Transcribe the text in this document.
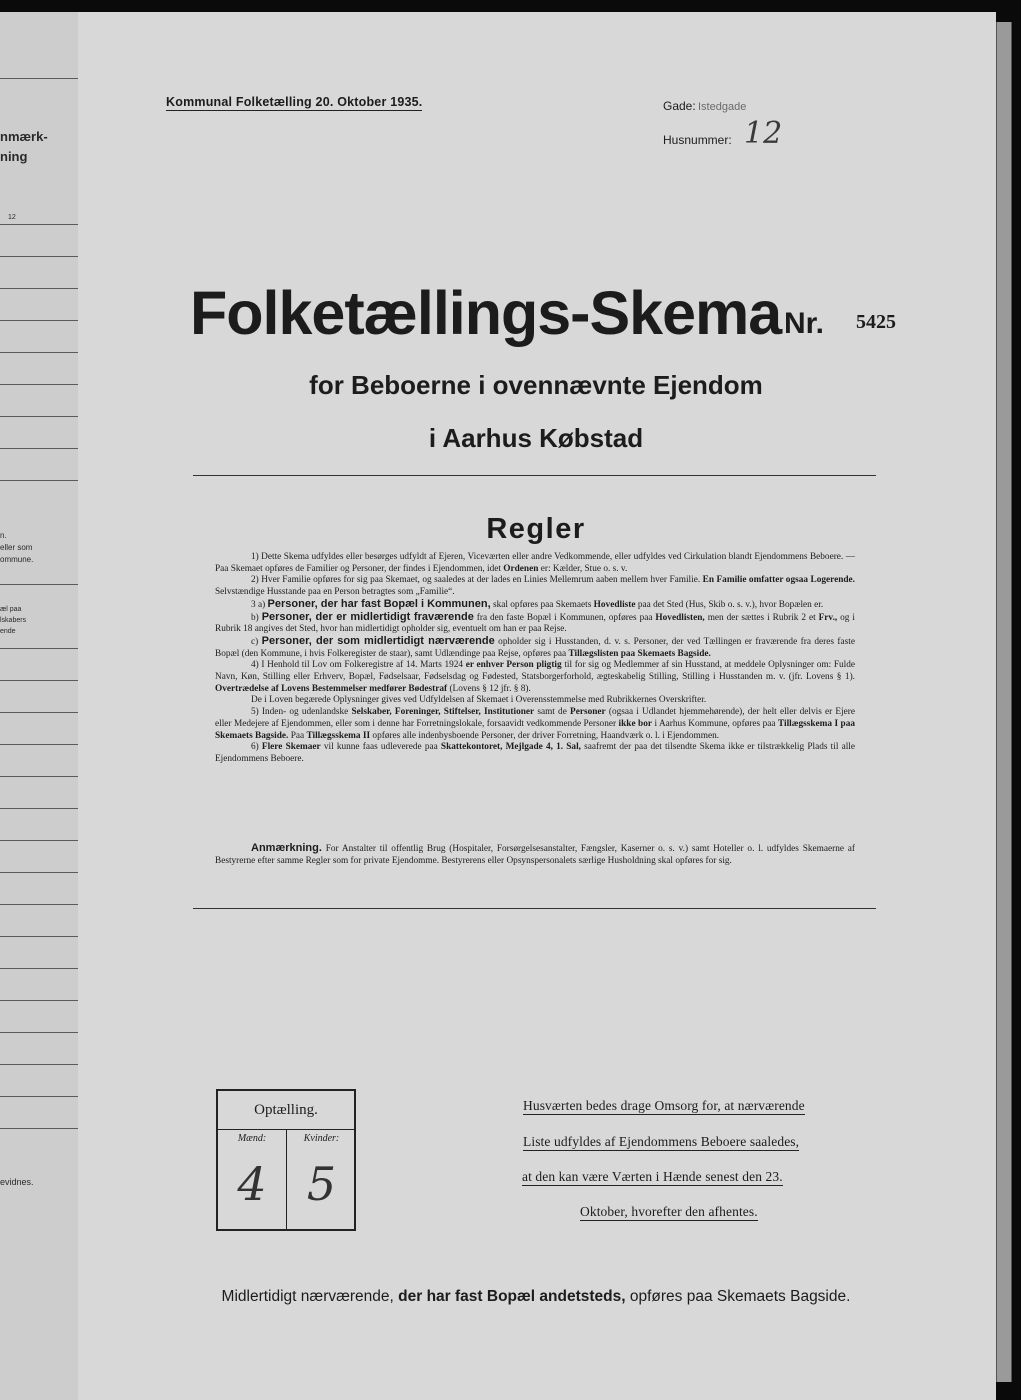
nmærk-
ning
12
n.
eller som
ommune.
æl paa
lskabers
ende
evidnes.
Kommunal Folketælling 20. Oktober 1935.	Gade: Istedgade
Husnummer: 12
Folketællings-Skema Nr. 5425
for Beboerne i ovennævnte Ejendom
i Aarhus Købstad
Regler

1) Dette Skema udfyldes eller besørges udfyldt af Ejeren, Viceværten eller andre Vedkommende, eller udfyldes ved Cirkulation blandt Ejendommens Beboere. — Paa Skemaet opføres de Familier og Personer, der findes i Ejendommen, idet Ordenen er: Kælder, Stue o. s. v.

2) Hver Familie opføres for sig paa Skemaet, og saaledes at der lades en Linies Mellemrum aaben mellem hver Familie. En Familie omfatter ogsaa Logerende. Selvstændige Husstande paa en Person betragtes som „Familie“.

3 a) Personer, der har fast Bopæl i Kommunen, skal opføres paa Skemaets Hovedliste paa det Sted (Hus, Skib o. s. v.), hvor Bopælen er.

b) Personer, der er midlertidigt fraværende fra den faste Bopæl i Kommunen, opføres paa Hovedlisten, men der sættes i Rubrik 2 et Frv., og i Rubrik 18 angives det Sted, hvor han midlertidigt opholder sig, eventuelt om han er paa Rejse.

c) Personer, der som midlertidigt nærværende opholder sig i Husstanden, d. v. s. Personer, der ved Tællingen er fraværende fra deres faste Bopæl (den Kommune, i hvis Folkeregister de staar), samt Udlændinge paa Rejse, opføres paa Tillægslisten paa Skemaets Bagside.

4) I Henhold til Lov om Folkeregistre af 14. Marts 1924 er enhver Person pligtig til for sig og Medlemmer af sin Husstand, at meddele Oplysninger om: Fulde Navn, Køn, Stilling eller Erhverv, Bopæl, Fødselsaar, Fødselsdag og Fødested, Statsborgerforhold, ægteskabelig Stilling, Stilling i Husstanden m. v. (jfr. Lovens § 1). Overtrædelse af Lovens Bestemmelser medfører Bødestraf (Lovens § 12 jfr. § 8).

De i Loven begærede Oplysninger gives ved Udfyldelsen af Skemaet i Overensstemmelse med Rubrikkernes Overskrifter.

5) Inden- og udenlandske Selskaber, Foreninger, Stiftelser, Institutioner samt de Personer (ogsaa i Udlandet hjemmehørende), der helt eller delvis er Ejere eller Medejere af Ejendommen, eller som i denne har Forretningslokale, forsaavidt vedkommende Personer ikke bor i Aarhus Kommune, opføres paa Tillægsskema I paa Skemaets Bagside. Paa Tillægsskema II opføres alle indenbysboende Personer, der driver Forretning, Haandværk o. l. i Ejendommen.

6) Flere Skemaer vil kunne faas udleverede paa Skattekontoret, Mejlgade 4, 1. Sal, saafremt der paa det tilsendte Skema ikke er tilstrækkelig Plads til alle Ejendommens Beboere.

Anmærkning. For Anstalter til offentlig Brug (Hospitaler, Forsørgelsesanstalter, Fængsler, Kaserner o. s. v.) samt Hoteller o. l. udfyldes Skemaerne af Bestyrerne efter samme Regler som for private Ejendomme. Bestyrerens eller Opsynspersonalets særlige Husholdning skal opføres for sig.

Optælling.
Mænd:
4
Kvinder:
5
Husværten bedes drage Omsorg for, at nærværende
Liste udfyldes af Ejendommens Beboere saaledes,
at den kan være Værten i Hænde senest den 23.
Oktober, hvorefter den afhentes.
Midlertidigt nærværende, der har fast Bopæl andetsteds, opføres paa Skemaets Bagside.
